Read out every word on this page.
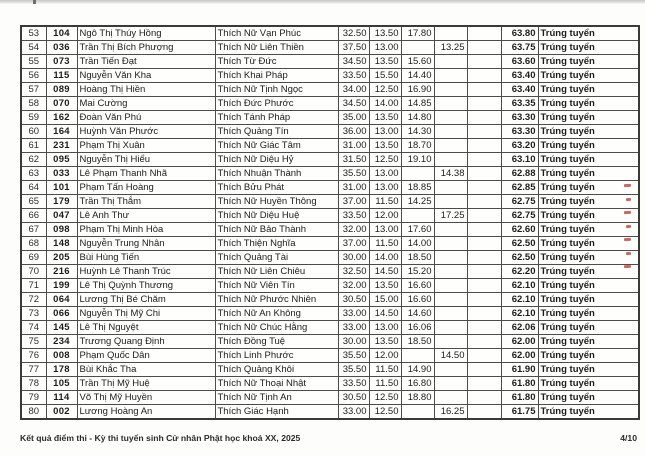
53	104	Ngô Thị Thúy Hồng	Thích Nữ Vạn Phúc	32.50	13.50	17.80			63.80	Trúng tuyển
54	036	Trần Thị Bích Phượng	Thích Nữ Liên Thiền	37.50	13.00		13.25		63.75	Trúng tuyển
55	073	Trần Tiến Đạt	Thích Từ Đức	34.50	13.50	15.60			63.60	Trúng tuyển
56	115	Nguyễn Văn Kha	Thích Khai Pháp	33.50	15.50	14.40			63.40	Trúng tuyển
57	089	Hoàng Thị Hiền	Thích Nữ Tịnh Ngọc	34.00	12.50	16.90			63.40	Trúng tuyển
58	070	Mai Cường	Thích Đức Phước	34.50	14.00	14.85			63.35	Trúng tuyển
59	162	Đoàn Văn Phú	Thích Tánh Pháp	35.00	13.50	14.80			63.30	Trúng tuyển
60	164	Huỳnh Văn Phước	Thích Quảng Tín	36.00	13.00	14.30			63.30	Trúng tuyển
61	231	Phạm Thị Xuân	Thích Nữ Giác Tâm	31.00	13.50	18.70			63.20	Trúng tuyển
62	095	Nguyễn Thị Hiểu	Thích Nữ Diệu Hỷ	31.50	12.50	19.10			63.10	Trúng tuyển
63	033	Lê Phạm Thanh Nhã	Thích Nhuận Thành	35.50	13.00		14.38		62.88	Trúng tuyển
64	101	Phạm Tấn Hoàng	Thích Bửu Phát	31.00	13.00	18.85			62.85	Trúng tuyển
65	179	Trần Thị Thắm	Thích Nữ Huyền Thông	37.00	11.50	14.25			62.75	Trúng tuyển
66	047	Lê Anh Thư	Thích Nữ Diệu Huệ	33.50	12.00		17.25		62.75	Trúng tuyển
67	098	Phạm Thị Minh Hòa	Thích Nữ Bảo Thành	32.00	13.00	17.60			62.60	Trúng tuyển
68	148	Nguyễn Trung Nhân	Thích Thiện Nghĩa	37.00	11.50	14.00			62.50	Trúng tuyển
69	205	Bùi Hùng Tiến	Thích Quảng Tài	30.00	14.00	18.50			62.50	Trúng tuyển
70	216	Huỳnh Lê Thanh Trúc	Thích Nữ Liên Chiêu	32.50	14.50	15.20			62.20	Trúng tuyển
71	199	Lê Thị Quỳnh Thương	Thích Nữ Viên Tín	32.00	13.50	16.60			62.10	Trúng tuyển
72	064	Lương Thị Bé Chăm	Thích Nữ Phước Nhiên	30.50	15.00	16.60			62.10	Trúng tuyển
73	066	Nguyễn Thị Mỹ Chi	Thích Nữ An Không	33.00	14.50	14.60			62.10	Trúng tuyển
74	145	Lê Thị Nguyệt	Thích Nữ Chúc Hằng	33.00	13.00	16.06			62.06	Trúng tuyển
75	234	Trương Quang Định	Thích Đồng Tuệ	30.00	13.50	18.50			62.00	Trúng tuyển
76	008	Phạm Quốc Dân	Thích Linh Phước	35.50	12.00		14.50		62.00	Trúng tuyển
77	178	Bùi Khắc Tha	Thích Quảng Khôi	35.50	11.50	14.90			61.90	Trúng tuyển
78	105	Trần Thị Mỹ Huệ	Thích Nữ Thoại Nhật	33.50	11.50	16.80			61.80	Trúng tuyển
79	114	Võ Thị Mỹ Huyền	Thích Nữ Tịnh An	30.50	12.50	18.80			61.80	Trúng tuyển
80	002	Lương Hoàng An	Thích Giác Hạnh	33.00	12.50		16.25		61.75	Trúng tuyển
Kết quả điểm thi - Kỳ thi tuyển sinh Cử nhân Phật học khoá XX, 2025	4/10
